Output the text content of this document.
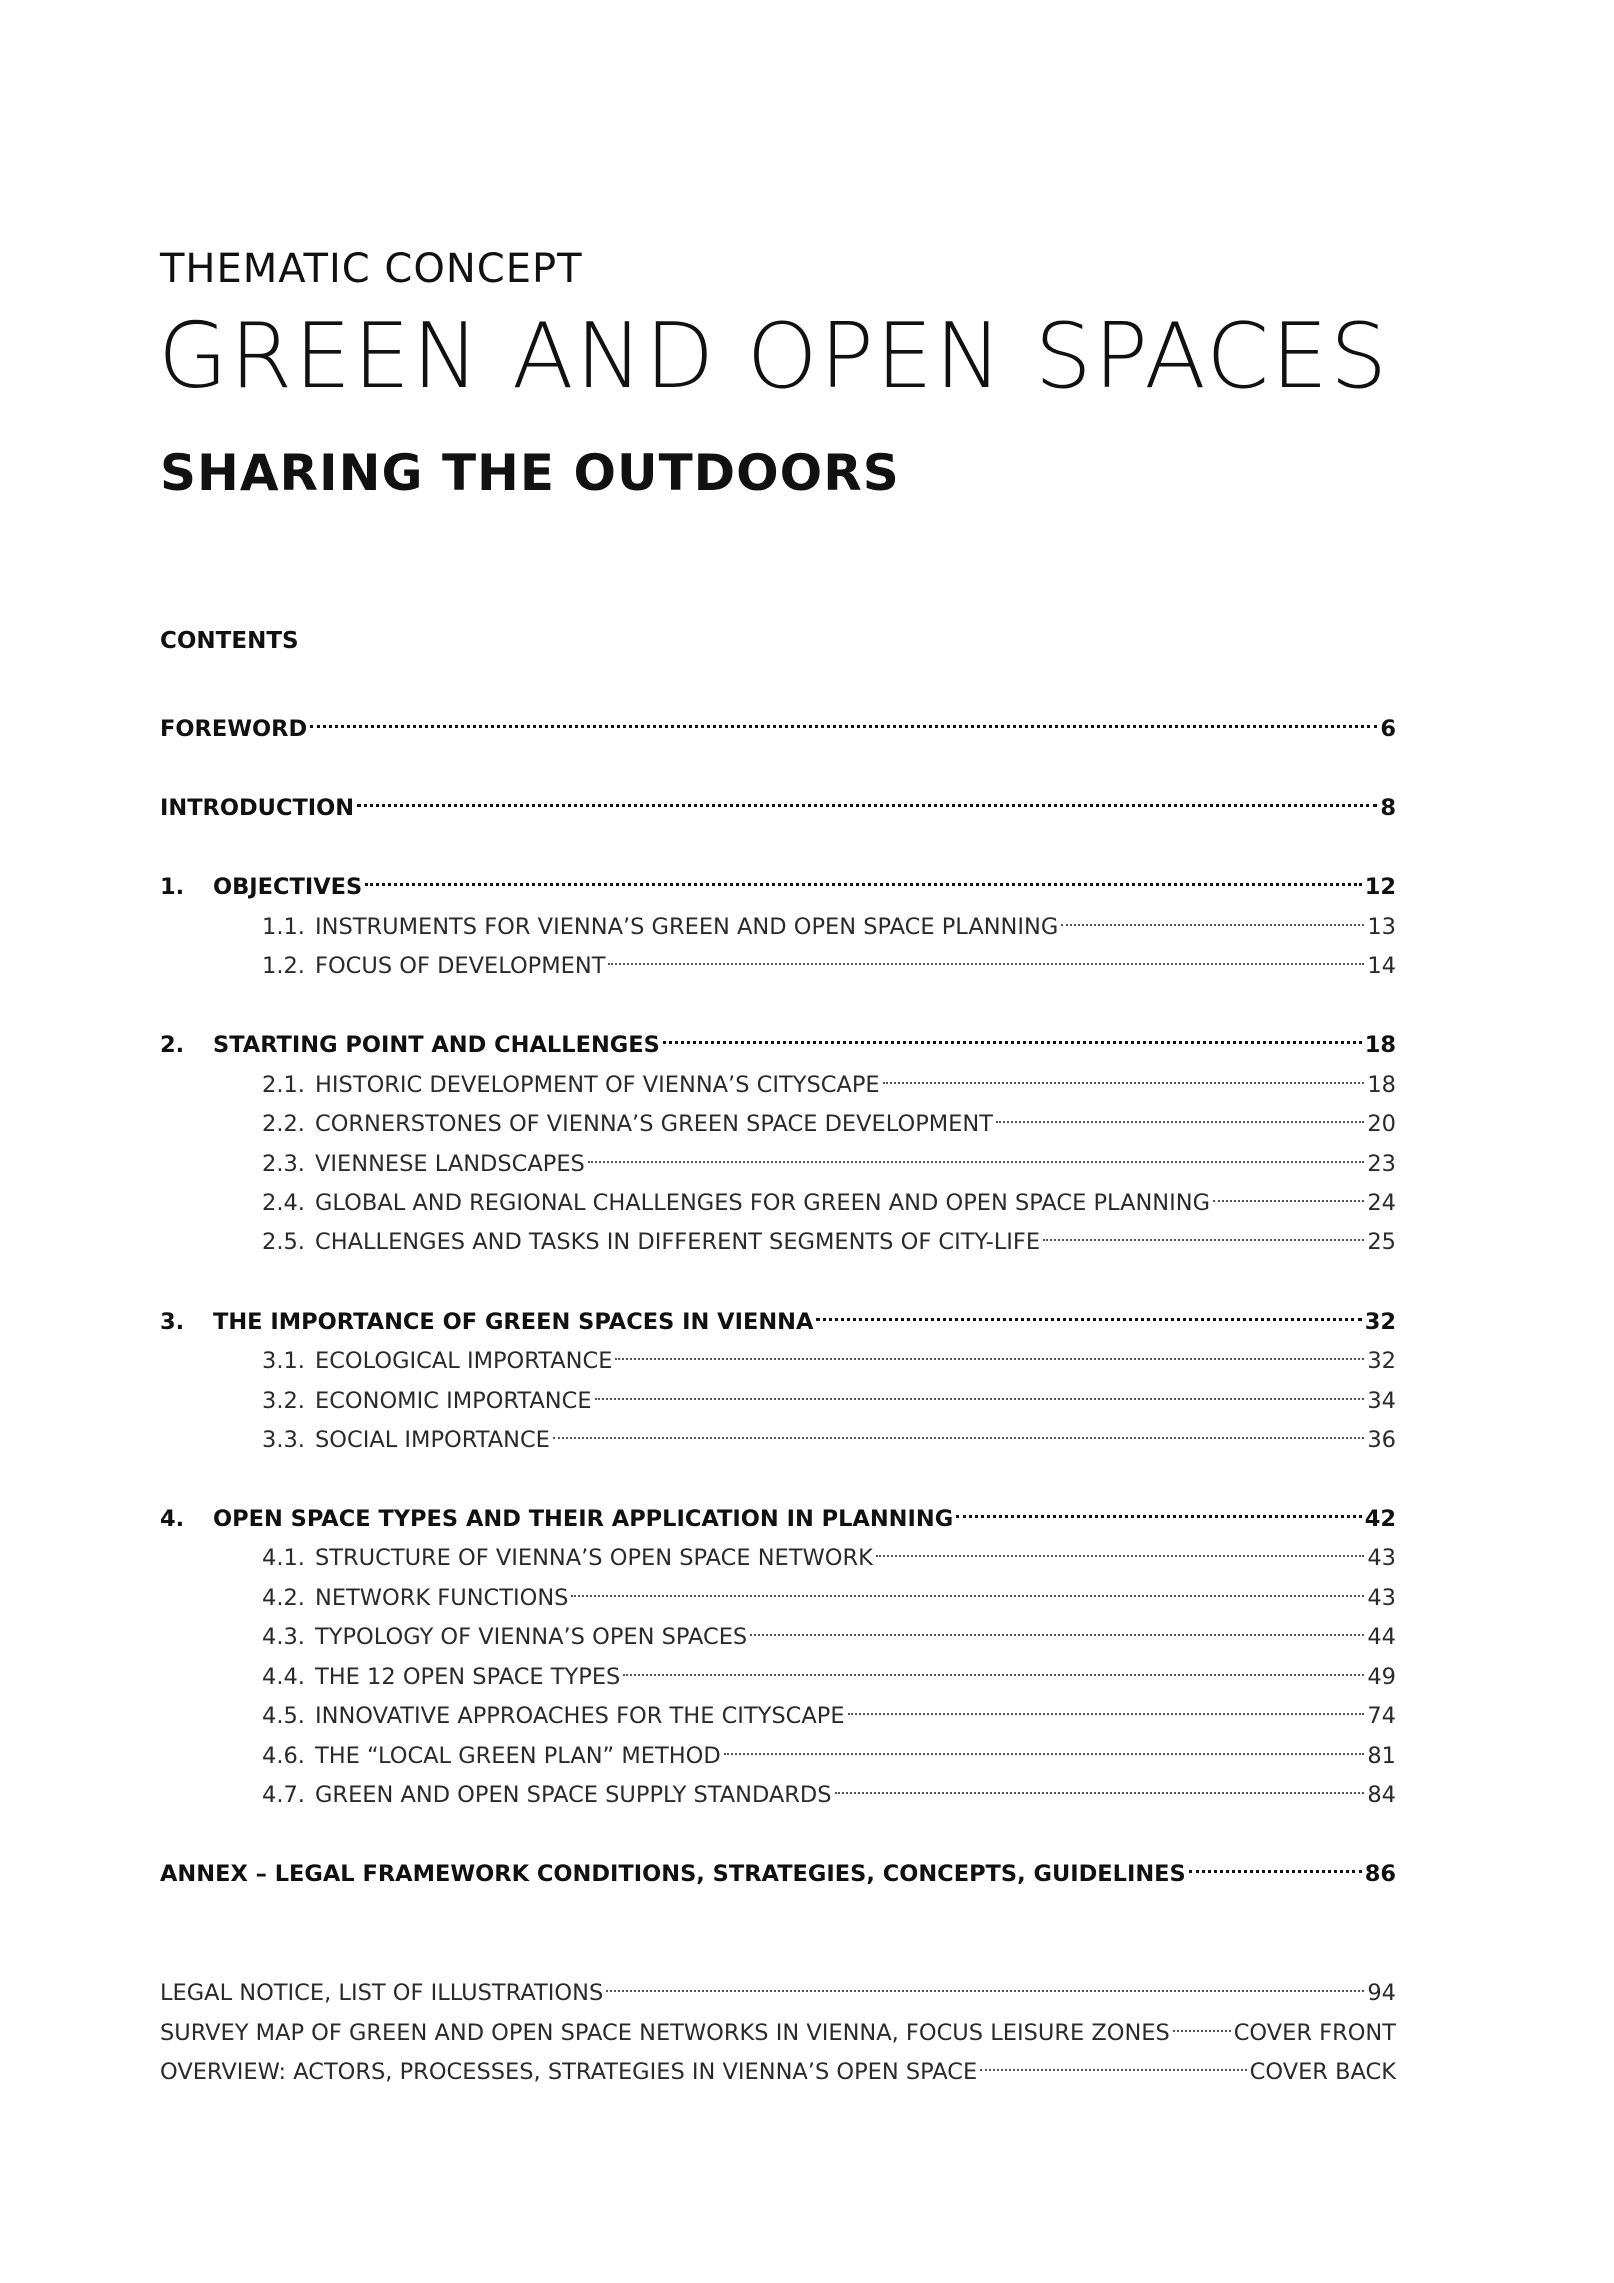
THEMATIC CONCEPT

GREEN AND OPEN SPACES
SHARING THE OUTDOORS
CONTENTS
FOREWORD	6
INTRODUCTION	8
1.	OBJECTIVES	12
1.1. INSTRUMENTS FOR VIENNA’S GREEN AND OPEN SPACE PLANNING	13
1.2. FOCUS OF DEVELOPMENT	14
2.	STARTING POINT AND CHALLENGES	18
2.1. HISTORIC DEVELOPMENT OF VIENNA’S CITYSCAPE	18
2.2. CORNERSTONES OF VIENNA’S GREEN SPACE DEVELOPMENT	20
2.3. VIENNESE LANDSCAPES	23
2.4. GLOBAL AND REGIONAL CHALLENGES FOR GREEN AND OPEN SPACE PLANNING	24
2.5. CHALLENGES AND TASKS IN DIFFERENT SEGMENTS OF CITY-LIFE	25
3.	THE IMPORTANCE OF GREEN SPACES IN VIENNA	32
3.1. ECOLOGICAL IMPORTANCE	32
3.2. ECONOMIC IMPORTANCE	34
3.3. SOCIAL IMPORTANCE	36
4.	OPEN SPACE TYPES AND THEIR APPLICATION IN PLANNING	42
4.1. STRUCTURE OF VIENNA’S OPEN SPACE NETWORK	43
4.2. NETWORK FUNCTIONS	43
4.3. TYPOLOGY OF VIENNA’S OPEN SPACES	44
4.4. THE 12 OPEN SPACE TYPES	49
4.5. INNOVATIVE APPROACHES FOR THE CITYSCAPE	74
4.6. THE “LOCAL GREEN PLAN” METHOD	81
4.7. GREEN AND OPEN SPACE SUPPLY STANDARDS	84
ANNEX – LEGAL FRAMEWORK CONDITIONS, STRATEGIES, CONCEPTS, GUIDELINES	86
LEGAL NOTICE, LIST OF ILLUSTRATIONS	94
SURVEY MAP OF GREEN AND OPEN SPACE NETWORKS IN VIENNA, FOCUS LEISURE ZONES	COVER FRONT
OVERVIEW: ACTORS, PROCESSES, STRATEGIES IN VIENNA’S OPEN SPACE	COVER BACK
